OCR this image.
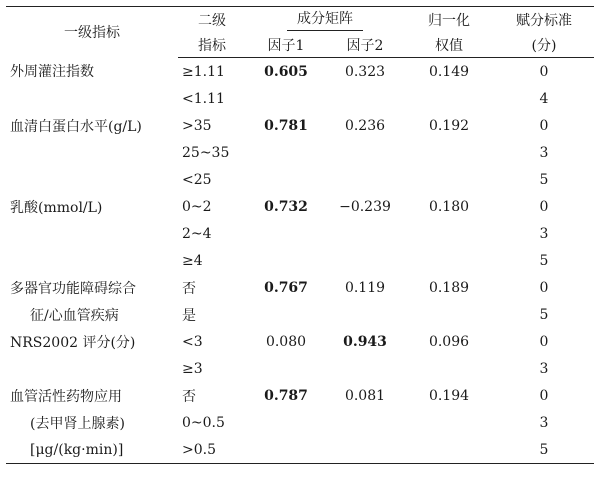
一级指标	二级	成分矩阵		归一化	赋分标准
	指标	因子1	因子2	权值	(分)
外周灌注指数	≥1.11	0.605	0.323	0.149	0
	<1.11				4
血清白蛋白水平(g/L)	>35	0.781	0.236	0.192	0
	25~35				3
	<25				5
乳酸(mmol/L)	0~2	0.732	−0.239	0.180	0
	2~4				3
	≥4				5
多器官功能障碍综合	否	0.767	0.119	0.189	0
征/心血管疾病	是				5
NRS2002 评分(分)	<3	0.080	0.943	0.096	0
	≥3				3
血管活性药物应用	否	0.787	0.081	0.194	0
(去甲肾上腺素)	0~0.5				3
[μg/(kg·min)]	>0.5				5
